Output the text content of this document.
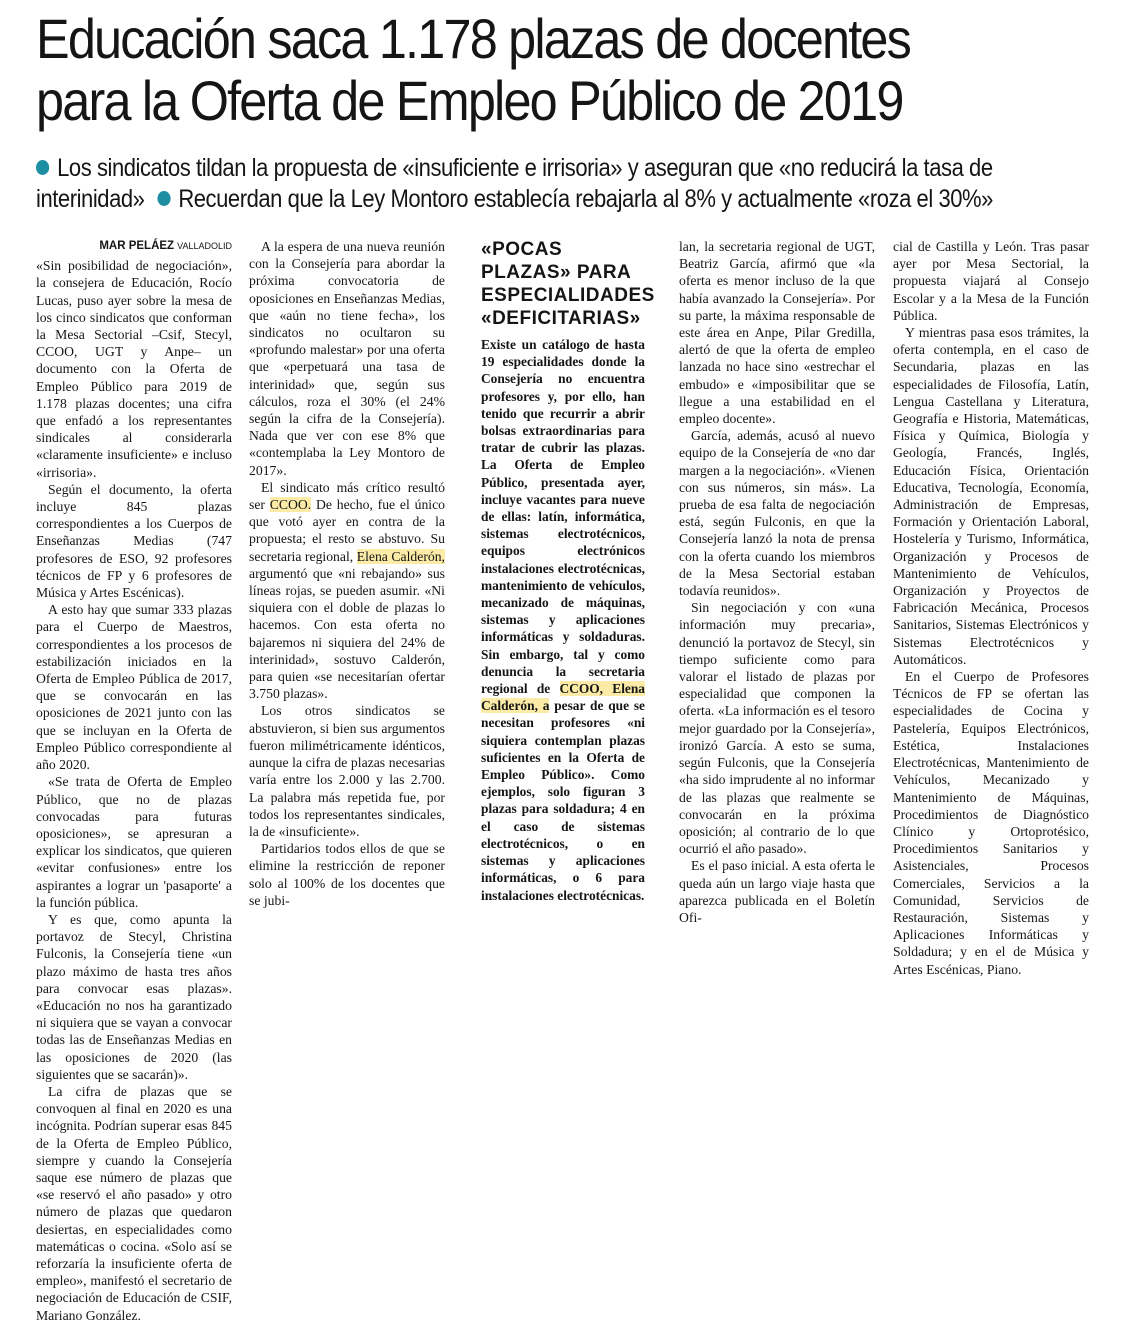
Educación saca 1.178 plazas de docentes
para la Oferta de Empleo Público de 2019
Los sindicatos tildan la propuesta de «insuficiente e irrisoria» y aseguran que «no reducirá la tasa de interinidad» Recuerdan que la Ley Montoro establecía rebajarla al 8% y actualmente «roza el 30%»
MAR PELÁEZ VALLADOLID

«Sin posibilidad de negociación», la consejera de Educación, Rocío Lucas, puso ayer sobre la mesa de los cinco sindicatos que conforman la Mesa Sectorial –Csif, Stecyl, CCOO, UGT y Anpe– un documento con la Oferta de Empleo Público para 2019 de 1.178 plazas docentes; una cifra que enfadó a los representantes sindicales al considerarla «claramente insuficiente» e incluso «irrisoria».

Según el documento, la oferta incluye 845 plazas correspondientes a los Cuerpos de Enseñanzas Medias (747 profesores de ESO, 92 profesores técnicos de FP y 6 profesores de Música y Artes Escénicas).

A esto hay que sumar 333 plazas para el Cuerpo de Maestros, correspondientes a los procesos de estabilización iniciados en la Oferta de Empleo Pública de 2017, que se convocarán en las oposiciones de 2021 junto con las que se incluyan en la Oferta de Empleo Público correspondiente al año 2020.

«Se trata de Oferta de Empleo Público, que no de plazas convocadas para futuras oposiciones», se apresuran a explicar los sindicatos, que quieren «evitar confusiones» entre los aspirantes a lograr un 'pasaporte' a la función pública.

Y es que, como apunta la portavoz de Stecyl, Christina Fulconis, la Consejería tiene «un plazo máximo de hasta tres años para convocar esas plazas». «Educación no nos ha garantizado ni siquiera que se vayan a convocar todas las de Enseñanzas Medias en las oposiciones de 2020 (las siguientes que se sacarán)».

La cifra de plazas que se convoquen al final en 2020 es una incógnita. Podrían superar esas 845 de la Oferta de Empleo Público, siempre y cuando la Consejería saque ese número de plazas que «se reservó el año pasado» y otro número de plazas que quedaron desiertas, en especialidades como matemáticas o cocina. «Solo así se reforzaría la insuficiente oferta de empleo», manifestó el secretario de negociación de Educación de CSIF, Mariano González.

A la espera de una nueva reunión con la Consejería para abordar la próxima convocatoria de oposiciones en Enseñanzas Medias, que «aún no tiene fecha», los sindicatos no ocultaron su «profundo malestar» por una oferta que «perpetuará una tasa de interinidad» que, según sus cálculos, roza el 30% (el 24% según la cifra de la Consejería). Nada que ver con ese 8% que «contemplaba la Ley Montoro de 2017».

El sindicato más crítico resultó ser CCOO. De hecho, fue el único que votó ayer en contra de la propuesta; el resto se abstuvo. Su secretaria regional, Elena Calderón, argumentó que «ni rebajando» sus líneas rojas, se pueden asumir. «Ni siquiera con el doble de plazas lo hacemos. Con esta oferta no bajaremos ni siquiera del 24% de interinidad», sostuvo Calderón, para quien «se necesitarían ofertar 3.750 plazas».

Los otros sindicatos se abstuvieron, si bien sus argumentos fueron milimétricamente idénticos, aunque la cifra de plazas necesarias varía entre los 2.000 y las 2.700. La palabra más repetida fue, por todos los representantes sindicales, la de «insuficiente».

Partidarios todos ellos de que se elimine la restricción de reponer solo al 100% de los docentes que se jubi-

«POCAS PLAZAS» PARA ESPECIALIDADES «DEFICITARIAS»

Existe un catálogo de hasta 19 especialidades donde la Consejería no encuentra profesores y, por ello, han tenido que recurrir a abrir bolsas extraordinarias para tratar de cubrir las plazas. La Oferta de Empleo Público, presentada ayer, incluye vacantes para nueve de ellas: latín, informática, sistemas electrotécnicos, equipos electrónicos instalaciones electrotécnicas, mantenimiento de vehículos, mecanizado de máquinas, sistemas y aplicaciones informáticas y soldaduras. Sin embargo, tal y como denuncia la secretaria regional de CCOO, Elena Calderón, a pesar de que se necesitan profesores «ni siquiera contemplan plazas suficientes en la Oferta de Empleo Público». Como ejemplos, solo figuran 3 plazas para soldadura; 4 en el caso de sistemas electrotécnicos, o en sistemas y aplicaciones informáticas, o 6 para instalaciones electrotécnicas.

lan, la secretaria regional de UGT, Beatriz García, afirmó que «la oferta es menor incluso de la que había avanzado la Consejería». Por su parte, la máxima responsable de este área en Anpe, Pilar Gredilla, alertó de que la oferta de empleo lanzada no hace sino «estrechar el embudo» e «imposibilitar que se llegue a una estabilidad en el empleo docente».

García, además, acusó al nuevo equipo de la Consejería de «no dar margen a la negociación». «Vienen con sus números, sin más». La prueba de esa falta de negociación está, según Fulconis, en que la Consejería lanzó la nota de prensa con la oferta cuando los miembros de la Mesa Sectorial estaban todavía reunidos».

Sin negociación y con «una información muy precaria», denunció la portavoz de Stecyl, sin tiempo suficiente como para valorar el listado de plazas por especialidad que componen la oferta. «La información es el tesoro mejor guardado por la Consejería», ironizó García. A esto se suma, según Fulconis, que la Consejería «ha sido imprudente al no informar de las plazas que realmente se convocarán en la próxima oposición; al contrario de lo que ocurrió el año pasado».

Es el paso inicial. A esta oferta le queda aún un largo viaje hasta que aparezca publicada en el Boletín Ofi-

cial de Castilla y León. Tras pasar ayer por Mesa Sectorial, la propuesta viajará al Consejo Escolar y a la Mesa de la Función Pública.

Y mientras pasa esos trámites, la oferta contempla, en el caso de Secundaria, plazas en las especialidades de Filosofía, Latín, Lengua Castellana y Literatura, Geografía e Historia, Matemáticas, Física y Química, Biología y Geología, Francés, Inglés, Educación Física, Orientación Educativa, Tecnología, Economía, Administración de Empresas, Formación y Orientación Laboral, Hostelería y Turismo, Informática, Organización y Procesos de Mantenimiento de Vehículos, Organización y Proyectos de Fabricación Mecánica, Procesos Sanitarios, Sistemas Electrónicos y Sistemas Electrotécnicos y Automáticos.

En el Cuerpo de Profesores Técnicos de FP se ofertan las especialidades de Cocina y Pastelería, Equipos Electrónicos, Estética, Instalaciones Electrotécnicas, Mantenimiento de Vehículos, Mecanizado y Mantenimiento de Máquinas, Procedimientos de Diagnóstico Clínico y Ortoprotésico, Procedimientos Sanitarios y Asistenciales, Procesos Comerciales, Servicios a la Comunidad, Servicios de Restauración, Sistemas y Aplicaciones Informáticas y Soldadura; y en el de Música y Artes Escénicas, Piano.
